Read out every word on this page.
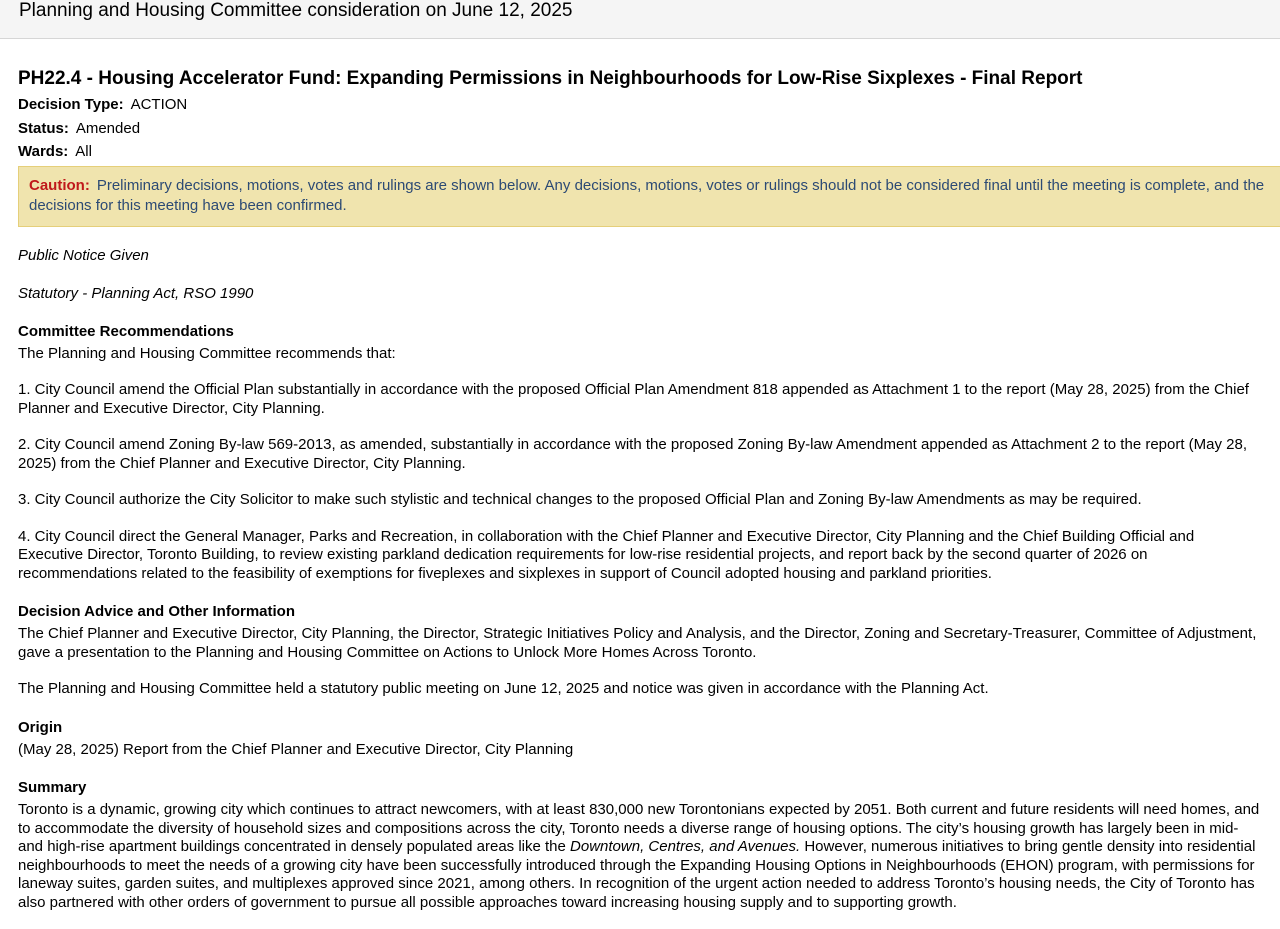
Planning and Housing Committee consideration on June 12, 2025
PH22.4 - Housing Accelerator Fund: Expanding Permissions in Neighbourhoods for Low-Rise Sixplexes - Final Report
Decision Type: ACTION
Status: Amended
Wards: All
Caution: Preliminary decisions, motions, votes and rulings are shown below. Any decisions, motions, votes or rulings should not be considered final until the meeting is complete, and the decisions for this meeting have been confirmed.
Public Notice Given
Statutory - Planning Act, RSO 1990
Committee Recommendations
The Planning and Housing Committee recommends that:
1. City Council amend the Official Plan substantially in accordance with the proposed Official Plan Amendment 818 appended as Attachment 1 to the report (May 28, 2025) from the Chief
Planner and Executive Director, City Planning.
2. City Council amend Zoning By-law 569-2013, as amended, substantially in accordance with the proposed Zoning By-law Amendment appended as Attachment 2 to the report (May 28,
2025) from the Chief Planner and Executive Director, City Planning.
3. City Council authorize the City Solicitor to make such stylistic and technical changes to the proposed Official Plan and Zoning By-law Amendments as may be required.
4. City Council direct the General Manager, Parks and Recreation, in collaboration with the Chief Planner and Executive Director, City Planning and the Chief Building Official and
Executive Director, Toronto Building, to review existing parkland dedication requirements for low-rise residential projects, and report back by the second quarter of 2026 on
recommendations related to the feasibility of exemptions for fiveplexes and sixplexes in support of Council adopted housing and parkland priorities.
Decision Advice and Other Information
The Chief Planner and Executive Director, City Planning, the Director, Strategic Initiatives Policy and Analysis, and the Director, Zoning and Secretary-Treasurer, Committee of Adjustment,
gave a presentation to the Planning and Housing Committee on Actions to Unlock More Homes Across Toronto.
The Planning and Housing Committee held a statutory public meeting on June 12, 2025 and notice was given in accordance with the Planning Act.
Origin
(May 28, 2025) Report from the Chief Planner and Executive Director, City Planning
Summary
Toronto is a dynamic, growing city which continues to attract newcomers, with at least 830,000 new Torontonians expected by 2051. Both current and future residents will need homes, and
to accommodate the diversity of household sizes and compositions across the city, Toronto needs a diverse range of housing options. The city’s housing growth has largely been in mid-
and high-rise apartment buildings concentrated in densely populated areas like the Downtown, Centres, and Avenues. However, numerous initiatives to bring gentle density into residential
neighbourhoods to meet the needs of a growing city have been successfully introduced through the Expanding Housing Options in Neighbourhoods (EHON) program, with permissions for
laneway suites, garden suites, and multiplexes approved since 2021, among others. In recognition of the urgent action needed to address Toronto’s housing needs, the City of Toronto has
also partnered with other orders of government to pursue all possible approaches toward increasing housing supply and to supporting growth.
